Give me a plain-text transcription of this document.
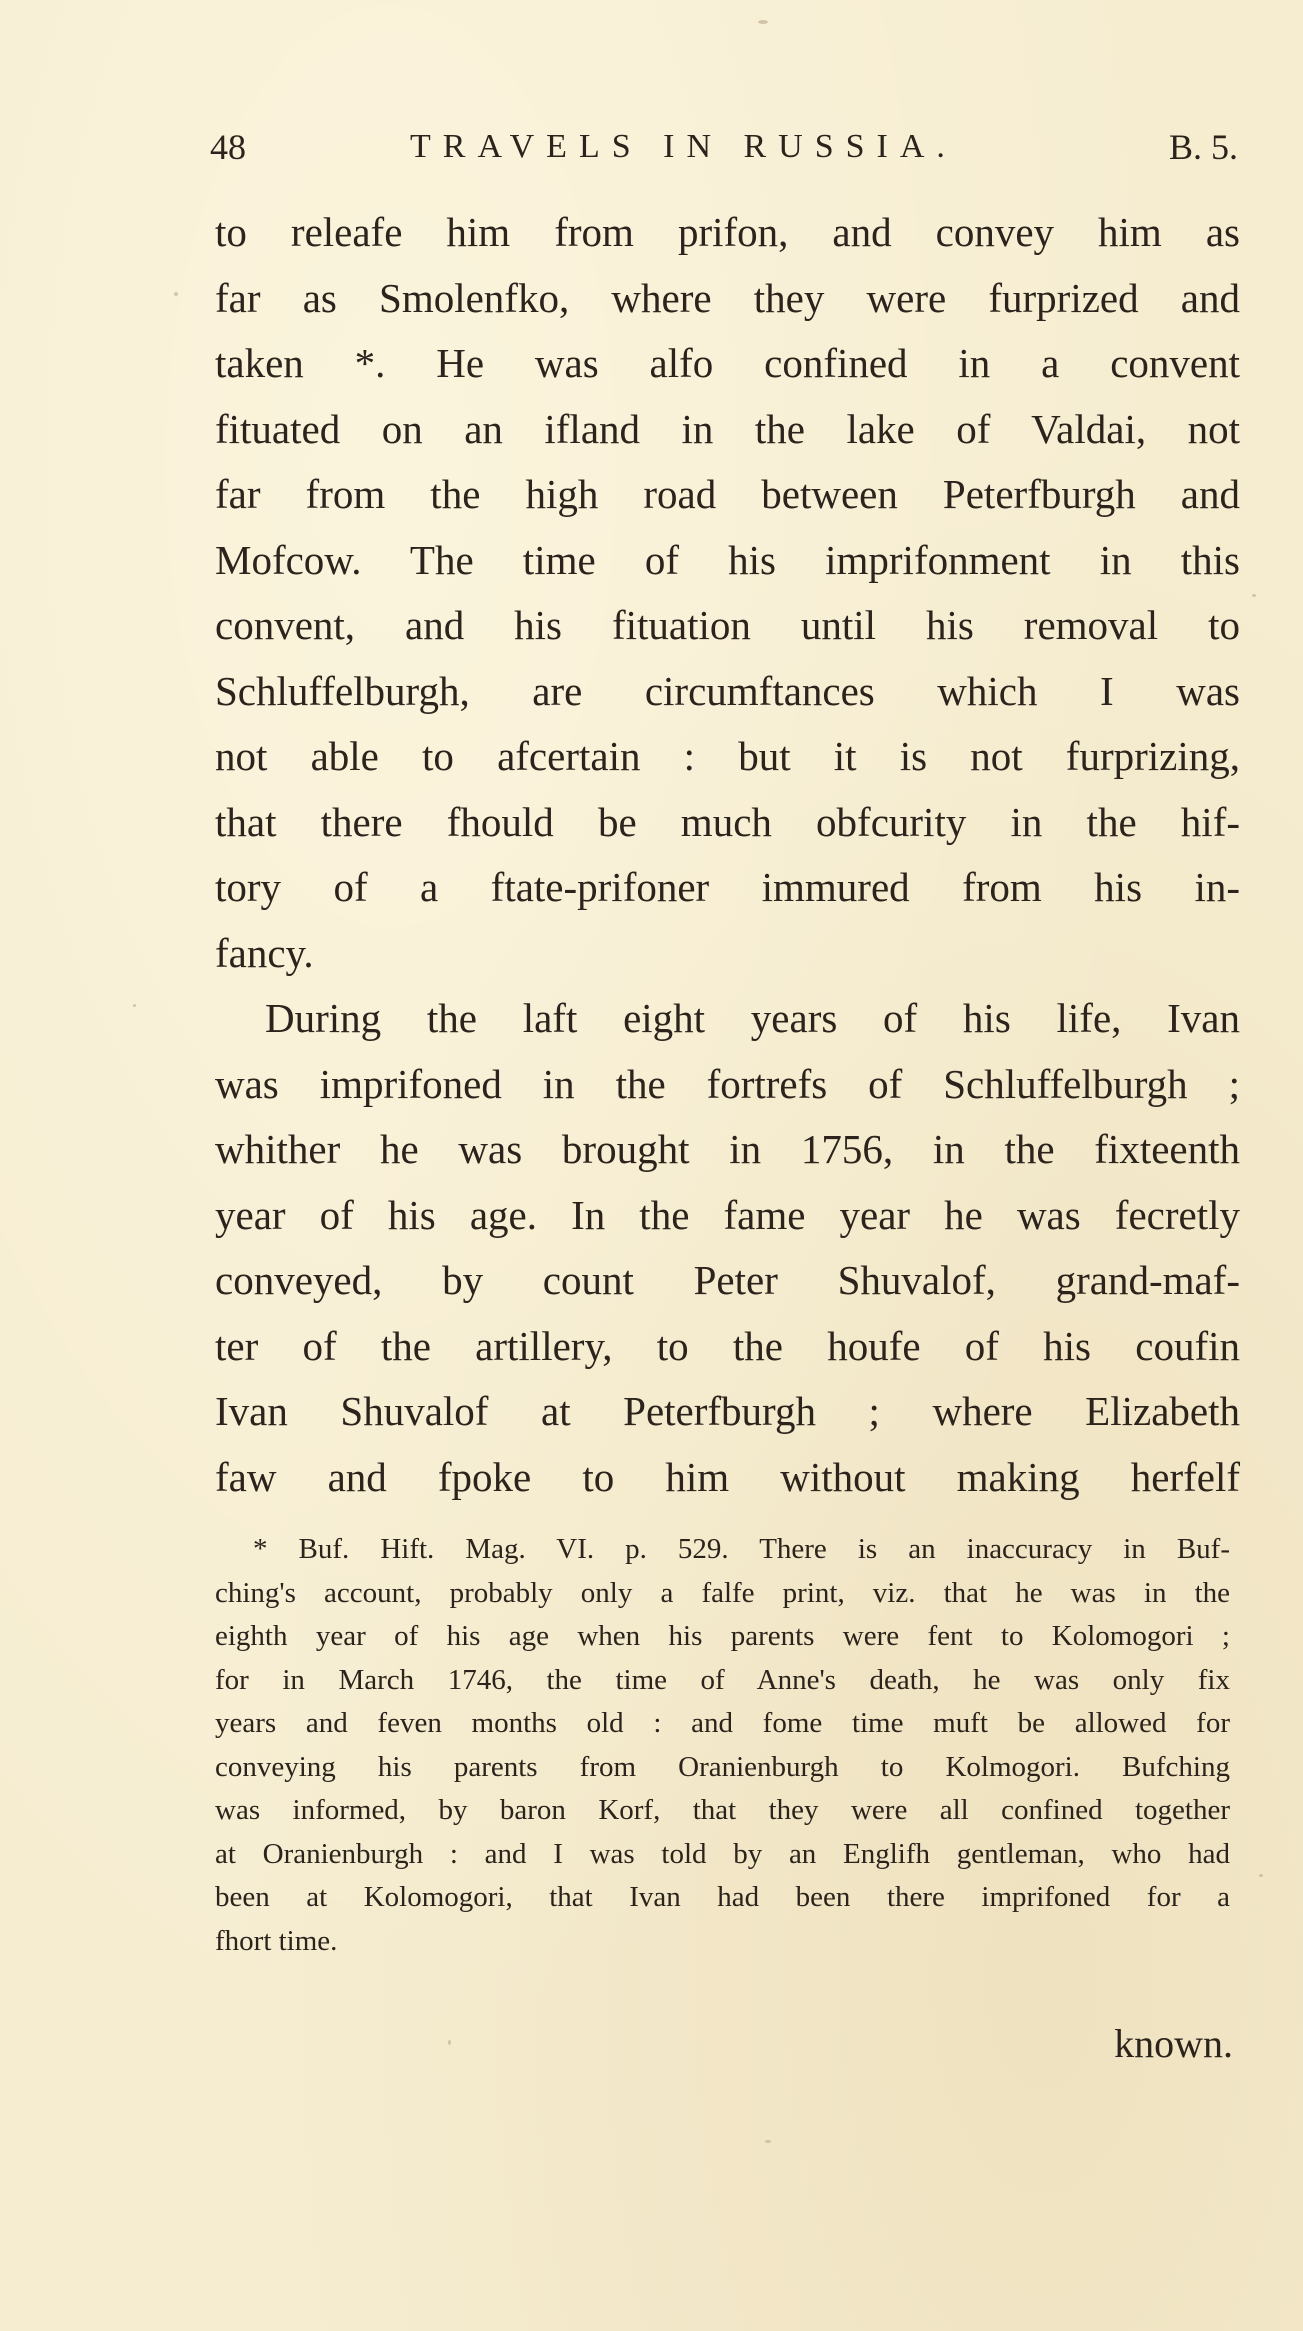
48	TRAVELS IN RUSSIA.	B. 5.
to releafe him from prifon, and convey him as
far as Smolenfko, where they were furprized and
taken *. He was alfo confined in a convent
fituated on an ifland in the lake of Valdai, not
far from the high road between Peterfburgh and
Mofcow. The time of his imprifonment in this
convent, and his fituation until his removal to
Schluffelburgh, are circumftances which I was
not able to afcertain : but it is not furprizing,
that there fhould be much obfcurity in the hif-
tory of a ftate-prifoner immured from his in-
fancy.
During the laft eight years of his life, Ivan
was imprifoned in the fortrefs of Schluffelburgh ;
whither he was brought in 1756, in the fixteenth
year of his age. In the fame year he was fecretly
conveyed, by count Peter Shuvalof, grand-maf-
ter of the artillery, to the houfe of his coufin
Ivan Shuvalof at Peterfburgh ; where Elizabeth
faw and fpoke to him without making herfelf
* Buf. Hift. Mag. VI. p. 529. There is an inaccuracy in Buf-
ching's account, probably only a falfe print, viz. that he was in the
eighth year of his age when his parents were fent to Kolomogori ;
for in March 1746, the time of Anne's death, he was only fix
years and feven months old : and fome time muft be allowed for
conveying his parents from Oranienburgh to Kolmogori. Bufching
was informed, by baron Korf, that they were all confined together
at Oranienburgh : and I was told by an Englifh gentleman, who had
been at Kolomogori, that Ivan had been there imprifoned for a
fhort time.
known.
